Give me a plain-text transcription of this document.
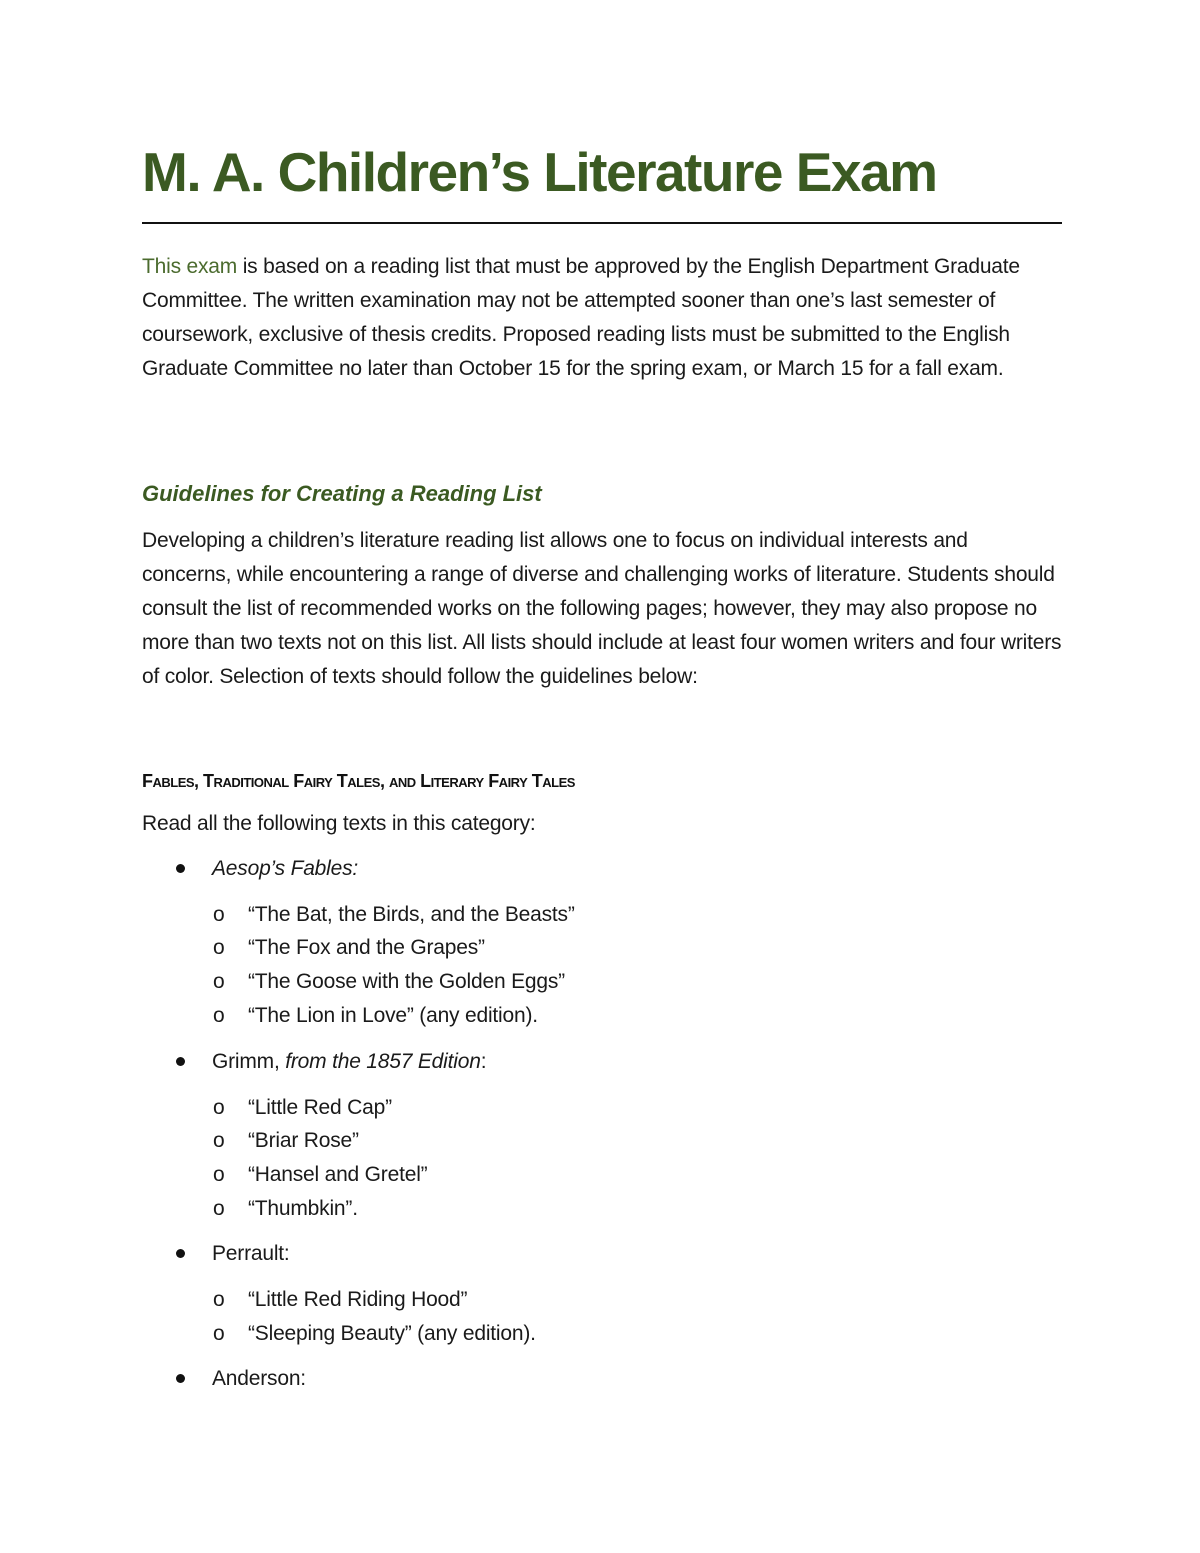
M. A. Children’s Literature Exam

This exam is based on a reading list that must be approved by the English Department Graduate Committee. The written examination may not be attempted sooner than one’s last semester of coursework, exclusive of thesis credits. Proposed reading lists must be submitted to the English Graduate Committee no later than October 15 for the spring exam, or March 15 for a fall exam.

Guidelines for Creating a Reading List

Developing a children’s literature reading list allows one to focus on individual interests and concerns, while encountering a range of diverse and challenging works of literature. Students should consult the list of recommended works on the following pages; however, they may also propose no more than two texts not on this list. All lists should include at least four women writers and four writers of color. Selection of texts should follow the guidelines below:

Fables, Traditional Fairy Tales, and Literary Fairy Tales

Read all the following texts in this category:

Aesop’s Fables:
o “The Bat, the Birds, and the Beasts”
o “The Fox and the Grapes”
o “The Goose with the Golden Eggs”
o “The Lion in Love” (any edition).
Grimm, from the 1857 Edition:
o “Little Red Cap”
o “Briar Rose”
o “Hansel and Gretel”
o “Thumbkin”.
Perrault:
o “Little Red Riding Hood”
o “Sleeping Beauty” (any edition).
Anderson:
